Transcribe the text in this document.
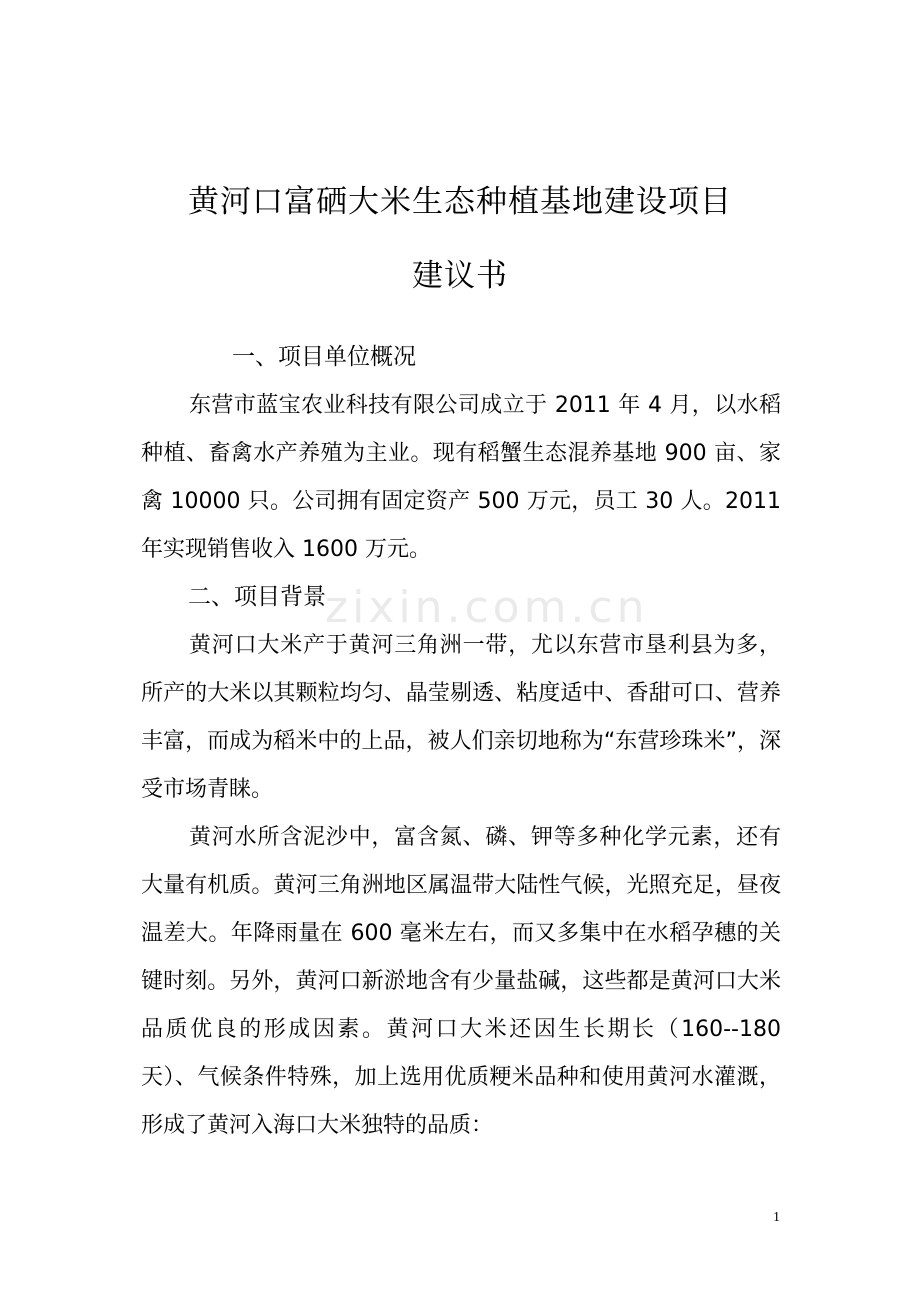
黄河口富硒大米生态种植基地建设项目
建议书
一、项目单位概况

东营市蓝宝农业科技有限公司成立于 2011 年 4 月，以水稻种植、畜禽水产养殖为主业。现有稻蟹生态混养基地 900 亩、家禽 10000 只。公司拥有固定资产 500 万元，员工 30 人。2011 年实现销售收入 1600 万元。

二、项目背景

黄河口大米产于黄河三角洲一带，尤以东营市垦利县为多，所产的大米以其颗粒均匀、晶莹剔透、粘度适中、香甜可口、营养丰富，而成为稻米中的上品，被人们亲切地称为“东营珍珠米”，深受市场青睐。

黄河水所含泥沙中，富含氮、磷、钾等多种化学元素，还有大量有机质。黄河三角洲地区属温带大陆性气候，光照充足，昼夜温差大。年降雨量在 600 毫米左右，而又多集中在水稻孕穗的关键时刻。另外，黄河口新淤地含有少量盐碱，这些都是黄河口大米品质优良的形成因素。黄河口大米还因生长期长（160--180 天）、气候条件特殊，加上选用优质粳米品种和使用黄河水灌溉，形成了黄河入海口大米独特的品质：

zixin.com.cn
1
